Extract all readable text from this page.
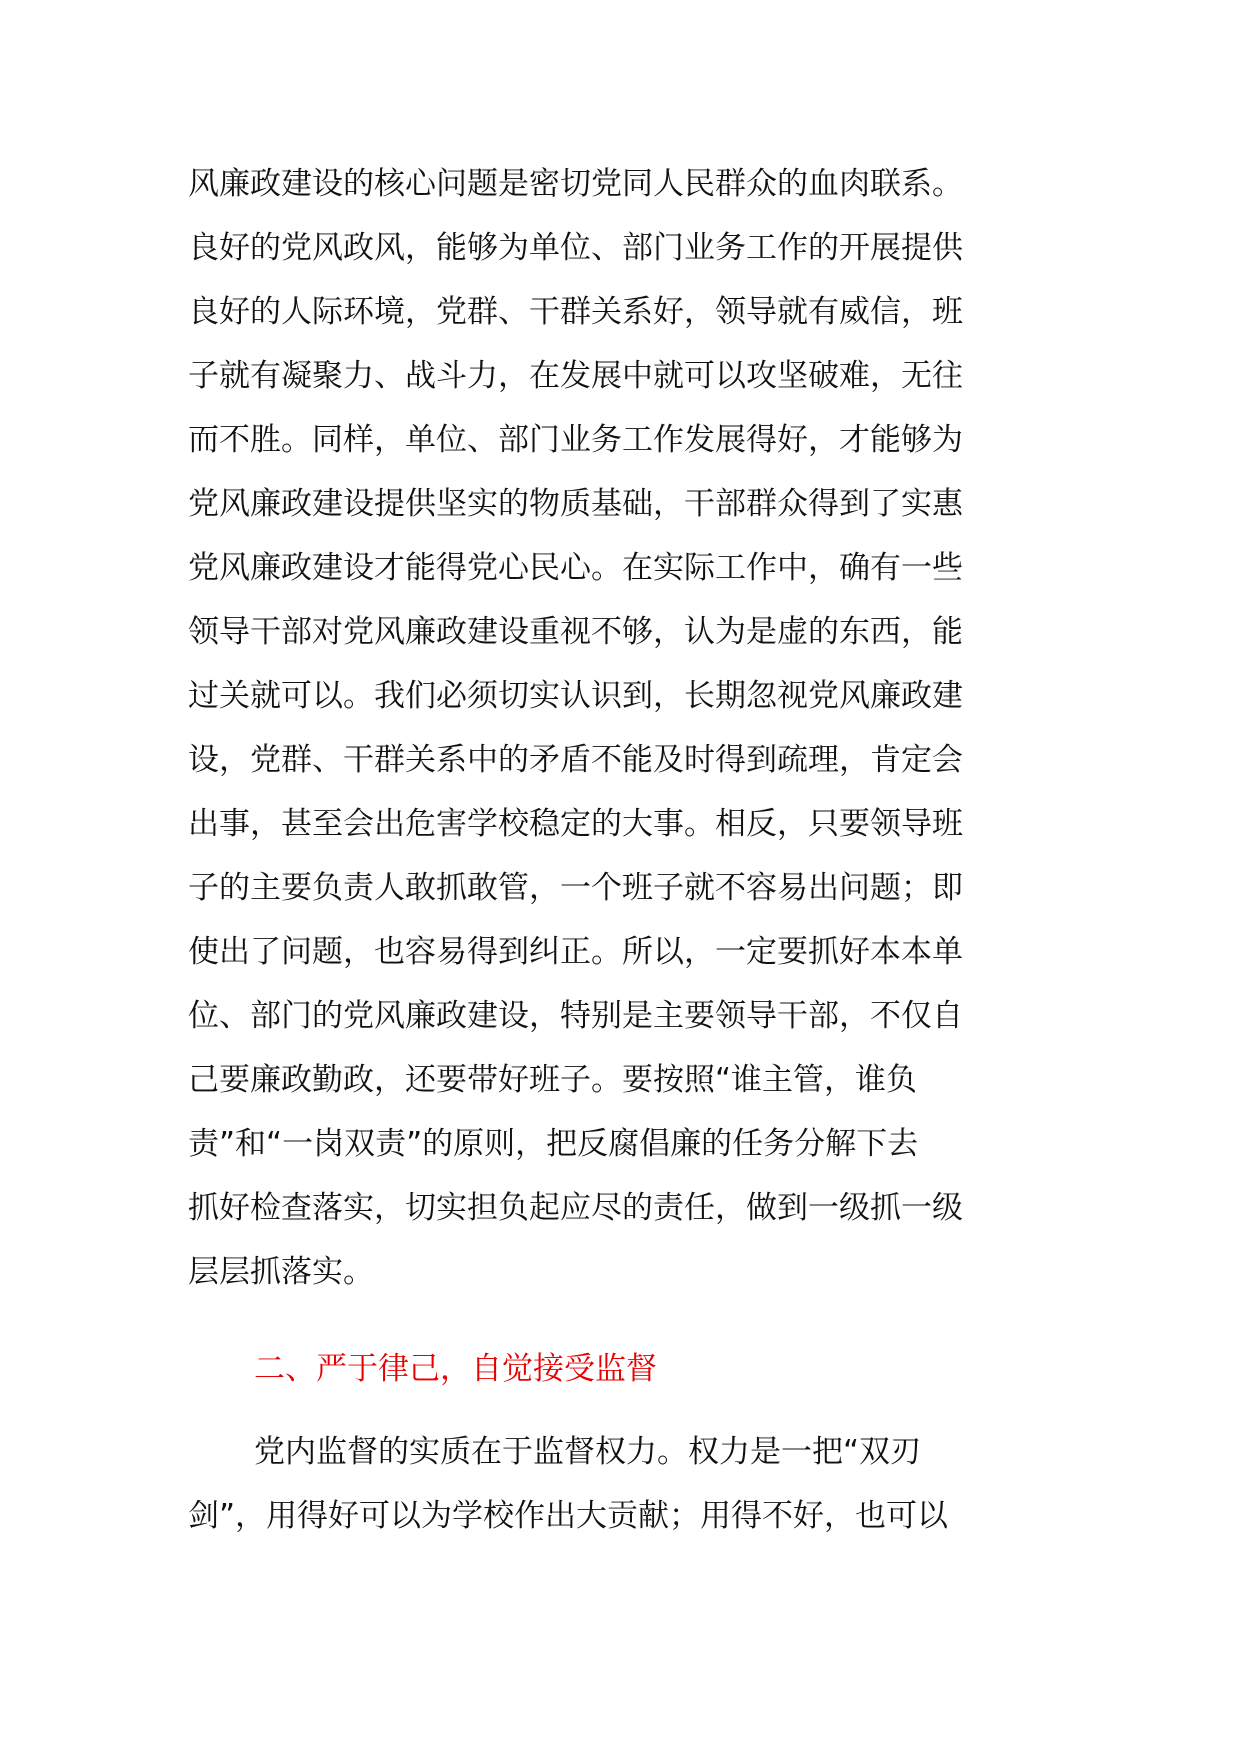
风廉政建设的核心问题是密切党同人民群众的血肉联系。
良好的党风政风，能够为单位、部门业务工作的开展提供
良好的人际环境，党群、干群关系好，领导就有威信，班
子就有凝聚力、战斗力，在发展中就可以攻坚破难，无往
而不胜。同样，单位、部门业务工作发展得好，才能够为
党风廉政建设提供坚实的物质基础，干部群众得到了实惠
党风廉政建设才能得党心民心。在实际工作中，确有一些
领导干部对党风廉政建设重视不够，认为是虚的东西，能
过关就可以。我们必须切实认识到，长期忽视党风廉政建
设，党群、干群关系中的矛盾不能及时得到疏理，肯定会
出事，甚至会出危害学校稳定的大事。相反，只要领导班
子的主要负责人敢抓敢管，一个班子就不容易出问题；即
使出了问题，也容易得到纠正。所以，一定要抓好本本单
位、部门的党风廉政建设，特别是主要领导干部，不仅自
己要廉政勤政，还要带好班子。要按照“谁主管，谁负
责”和“一岗双责”的原则，把反腐倡廉的任务分解下去
抓好检查落实，切实担负起应尽的责任，做到一级抓一级
层层抓落实。
二、严于律己，自觉接受监督
党内监督的实质在于监督权力。权力是一把“双刃
剑”，用得好可以为学校作出大贡献；用得不好，也可以
